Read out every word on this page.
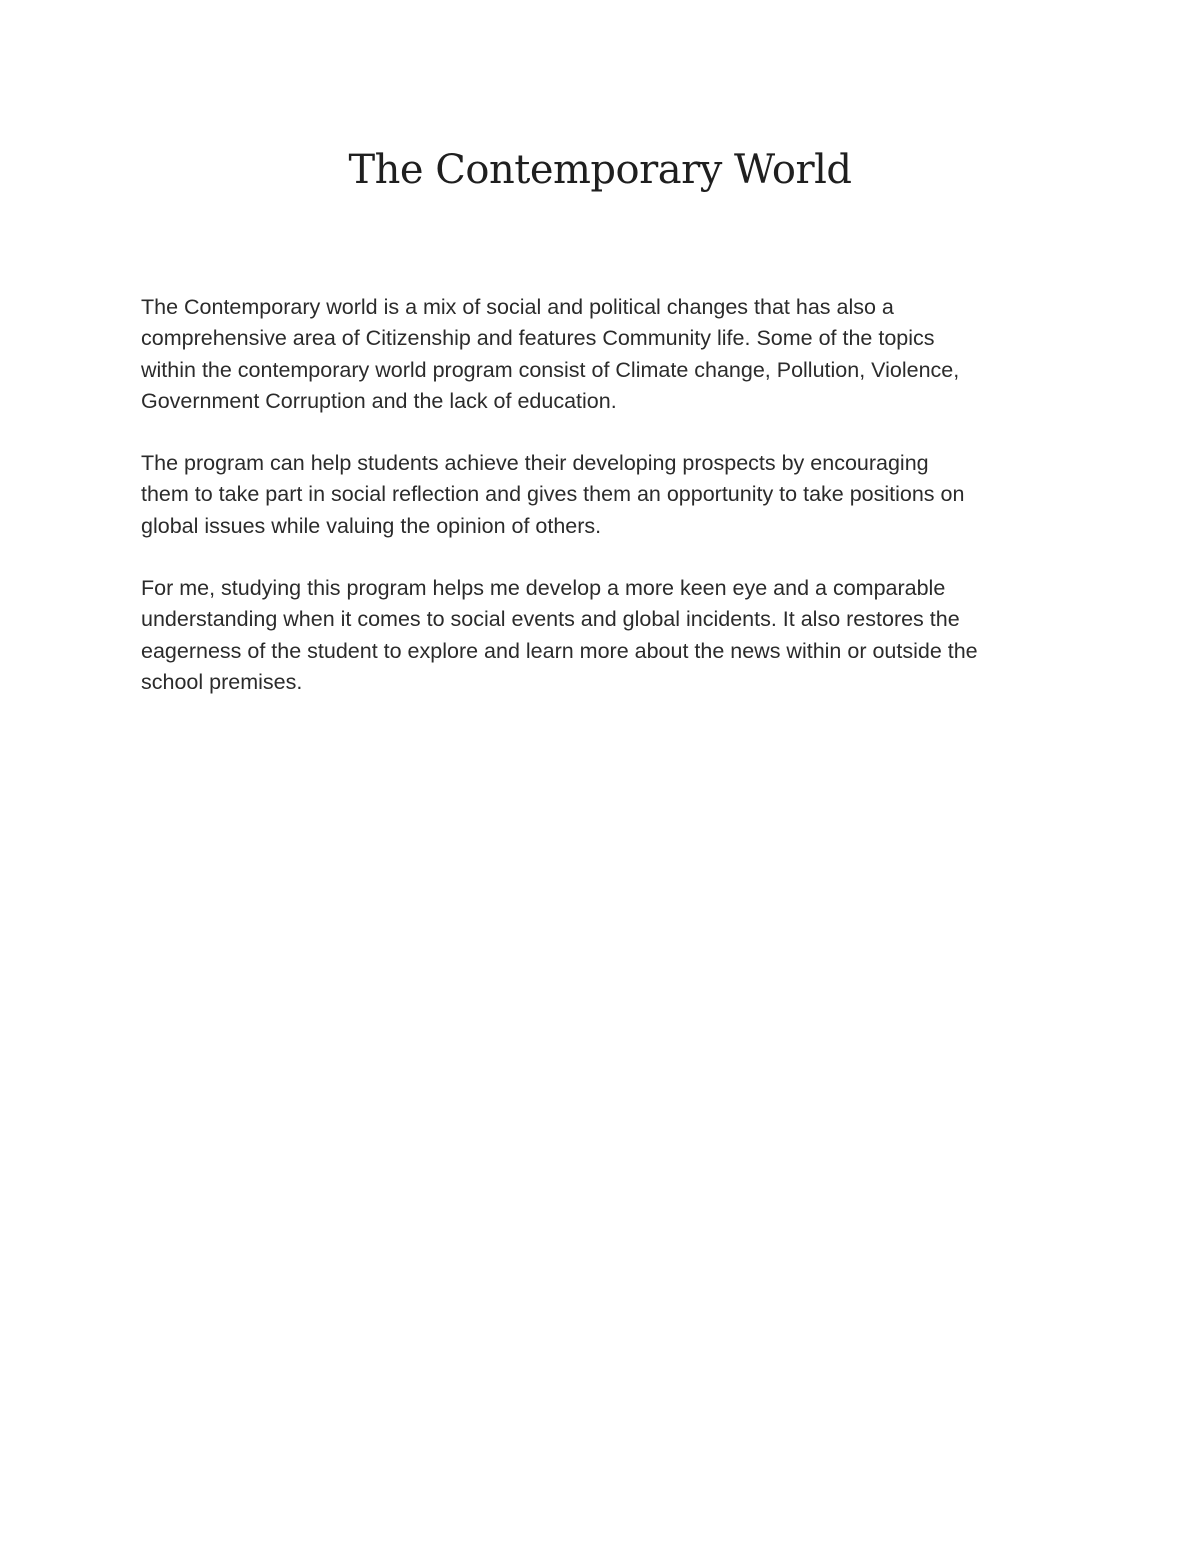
The Contemporary World

The Contemporary world is a mix of social and political changes that has also a
comprehensive area of Citizenship and features Community life. Some of the topics
within the contemporary world program consist of Climate change, Pollution, Violence,
Government Corruption and the lack of education.

The program can help students achieve their developing prospects by encouraging
them to take part in social reflection and gives them an opportunity to take positions on
global issues while valuing the opinion of others.

For me, studying this program helps me develop a more keen eye and a comparable
understanding when it comes to social events and global incidents. It also restores the
eagerness of the student to explore and learn more about the news within or outside the
school premises.
